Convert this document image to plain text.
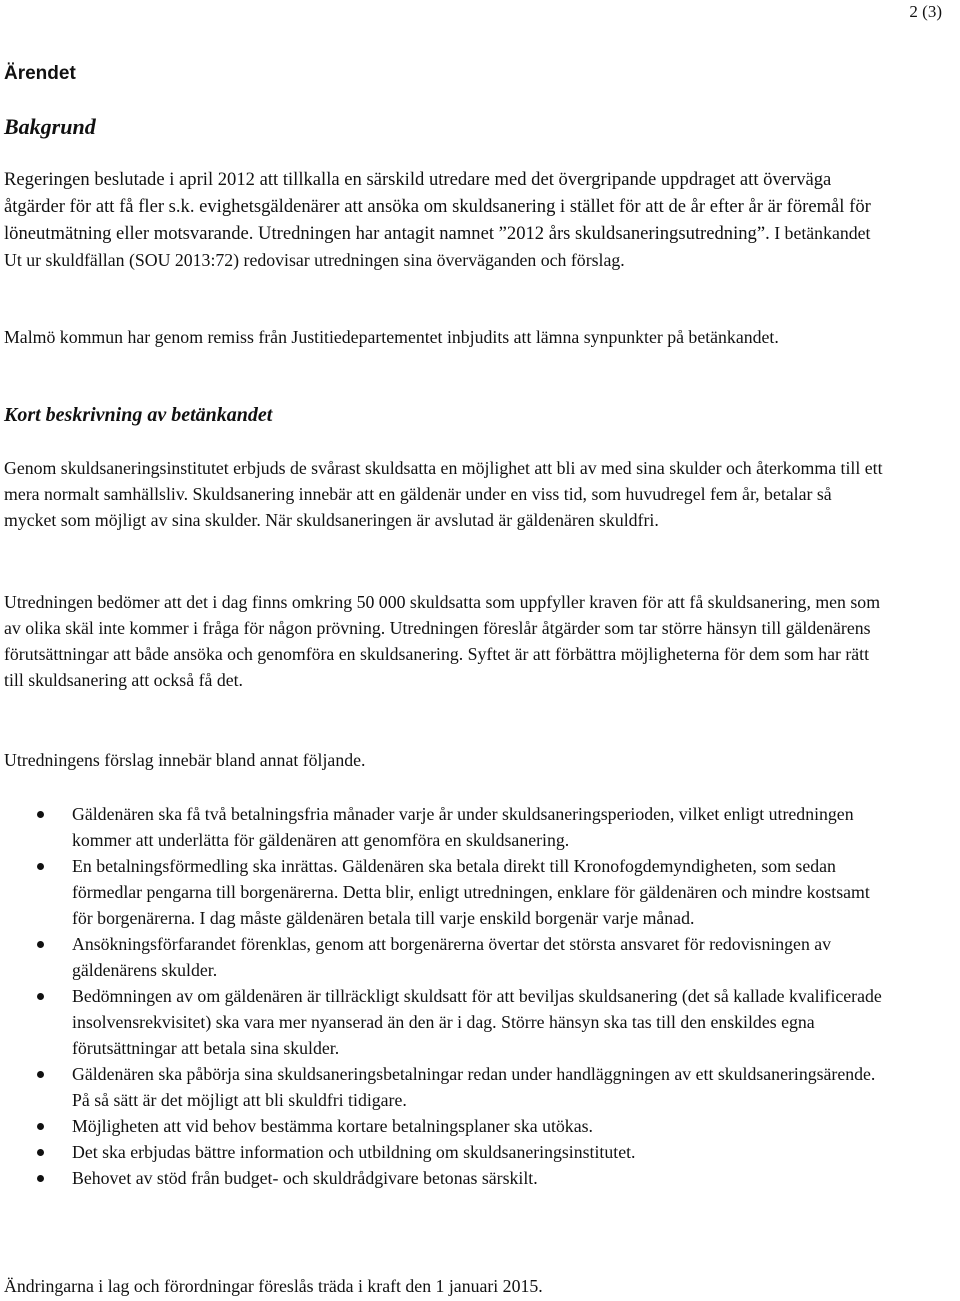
2 (3)
Ärendet
Bakgrund

Regeringen beslutade i april 2012 att tillkalla en särskild utredare med det övergripande uppdraget att överväga åtgärder för att få fler s.k. evighetsgäldenärer att ansöka om skuldsanering i stället för att de år efter år är föremål för löneutmätning eller motsvarande. Utredningen har antagit namnet ”2012 års skuldsaneringsutredning”. I betänkandet Ut ur skuldfällan (SOU 2013:72) redovisar utredningen sina överväganden och förslag.

Malmö kommun har genom remiss från Justitiedepartementet inbjudits att lämna synpunkter på betänkandet.

Kort beskrivning av betänkandet

Genom skuldsaneringsinstitutet erbjuds de svårast skuldsatta en möjlighet att bli av med sina skulder och återkomma till ett mera normalt samhällsliv. Skuldsanering innebär att en gäldenär under en viss tid, som huvudregel fem år, betalar så mycket som möjligt av sina skulder. När skuldsaneringen är avslutad är gäldenären skuldfri.

Utredningen bedömer att det i dag finns omkring 50 000 skuldsatta som uppfyller kraven för att få skuldsanering, men som av olika skäl inte kommer i fråga för någon prövning. Utredningen föreslår åtgärder som tar större hänsyn till gäldenärens förutsättningar att både ansöka och genomföra en skuldsanering. Syftet är att förbättra möjligheterna för dem som har rätt till skuldsanering att också få det.

Utredningens förslag innebär bland annat följande.

Gäldenären ska få två betalningsfria månader varje år under skuldsaneringsperioden, vilket enligt utredningen kommer att underlätta för gäldenären att genomföra en skuldsanering.
En betalningsförmedling ska inrättas. Gäldenären ska betala direkt till Kronofogdemyndigheten, som sedan förmedlar pengarna till borgenärerna. Detta blir, enligt utredningen, enklare för gäldenären och mindre kostsamt för borgenärerna. I dag måste gäldenären betala till varje enskild borgenär varje månad.
Ansökningsförfarandet förenklas, genom att borgenärerna övertar det största ansvaret för redovisningen av gäldenärens skulder.
Bedömningen av om gäldenären är tillräckligt skuldsatt för att beviljas skuldsanering (det så kallade kvalificerade insolvensrekvisitet) ska vara mer nyanserad än den är i dag. Större hänsyn ska tas till den enskildes egna förutsättningar att betala sina skulder.
Gäldenären ska påbörja sina skuldsaneringsbetalningar redan under handläggningen av ett skuldsaneringsärende. På så sätt är det möjligt att bli skuldfri tidigare.
Möjligheten att vid behov bestämma kortare betalningsplaner ska utökas.
Det ska erbjudas bättre information och utbildning om skuldsaneringsinstitutet.
Behovet av stöd från budget- och skuldrådgivare betonas särskilt.

Ändringarna i lag och förordningar föreslås träda i kraft den 1 januari 2015.
